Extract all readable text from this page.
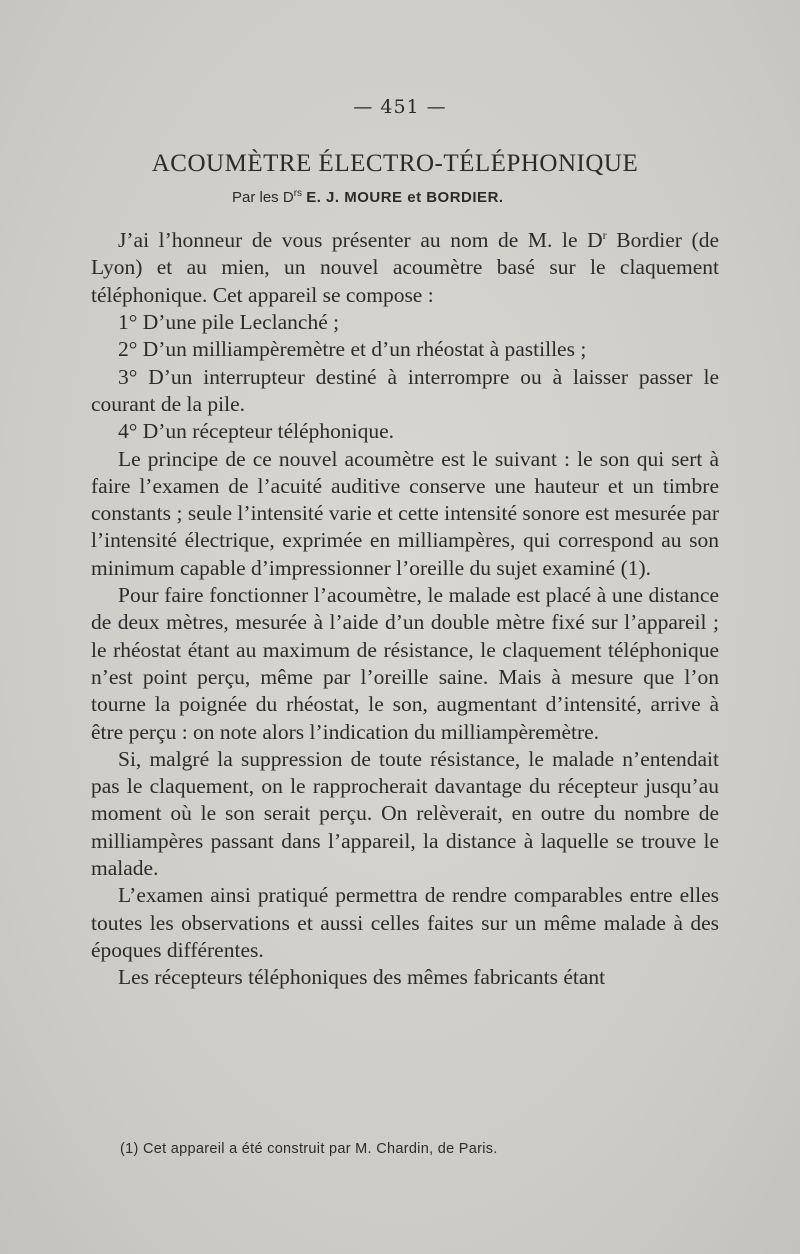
— 451 —
ACOUMÈTRE ÉLECTRO-TÉLÉPHONIQUE
Par les $D^{rs}$ E. J. MOURE et BORDIER.

J’ai l’honneur de vous présenter au nom de M. le $D^r$ Bordier (de Lyon) et au mien, un nouvel acoumètre basé sur le claquement téléphonique. Cet appareil se compose :

1° D’une pile Leclanché ;

2° D’un milliampèremètre et d’un rhéostat à pastilles ;

3° D’un interrupteur destiné à interrompre ou à laisser passer le courant de la pile.

4° D’un récepteur téléphonique.

Le principe de ce nouvel acoumètre est le suivant : le son qui sert à faire l’examen de l’acuité auditive conserve une hauteur et un timbre constants ; seule l’intensité varie et cette intensité sonore est mesurée par l’intensité électrique, exprimée en milliampères, qui correspond au son minimum capable d’impressionner l’oreille du sujet examiné (1).

Pour faire fonctionner l’acoumètre, le malade est placé à une distance de deux mètres, mesurée à l’aide d’un double mètre fixé sur l’appareil ; le rhéostat étant au maximum de résistance, le claquement téléphonique n’est point perçu, même par l’oreille saine. Mais à mesure que l’on tourne la poignée du rhéostat, le son, augmentant d’intensité, arrive à être perçu : on note alors l’indication du milliampèremètre.

Si, malgré la suppression de toute résistance, le malade n’entendait pas le claquement, on le rapprocherait davantage du récepteur jusqu’au moment où le son serait perçu. On relèverait, en outre du nombre de milliampères passant dans l’appareil, la distance à laquelle se trouve le malade.

L’examen ainsi pratiqué permettra de rendre comparables entre elles toutes les observations et aussi celles faites sur un même malade à des époques différentes.

Les récepteurs téléphoniques des mêmes fabricants étant

(1) Cet appareil a été construit par M. Chardin, de Paris.
